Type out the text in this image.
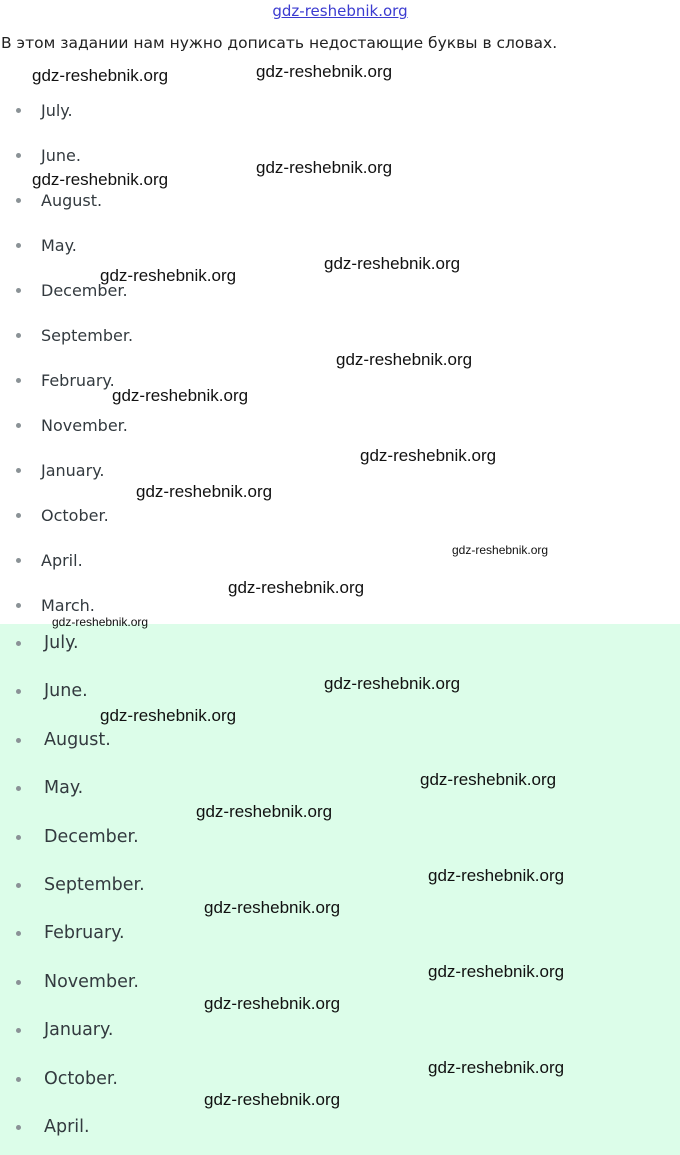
gdz-reshebnik.org
В этом задании нам нужно дописать недостающие буквы в словах.
July.
June.
August.
May.
December.
September.
February.
November.
January.
October.
April.
March.
July.
June.
August.
May.
December.
September.
February.
November.
January.
October.
April.
gdz-reshebnik.org	gdz-reshebnik.org
gdz-reshebnik.org
gdz-reshebnik.org
gdz-reshebnik.org
gdz-reshebnik.org
gdz-reshebnik.org
gdz-reshebnik.org
gdz-reshebnik.org
gdz-reshebnik.org
gdz-reshebnik.org
gdz-reshebnik.org
gdz-reshebnik.org
gdz-reshebnik.org
gdz-reshebnik.org
gdz-reshebnik.org
gdz-reshebnik.org
gdz-reshebnik.org
gdz-reshebnik.org
gdz-reshebnik.org
gdz-reshebnik.org
gdz-reshebnik.org
gdz-reshebnik.org
